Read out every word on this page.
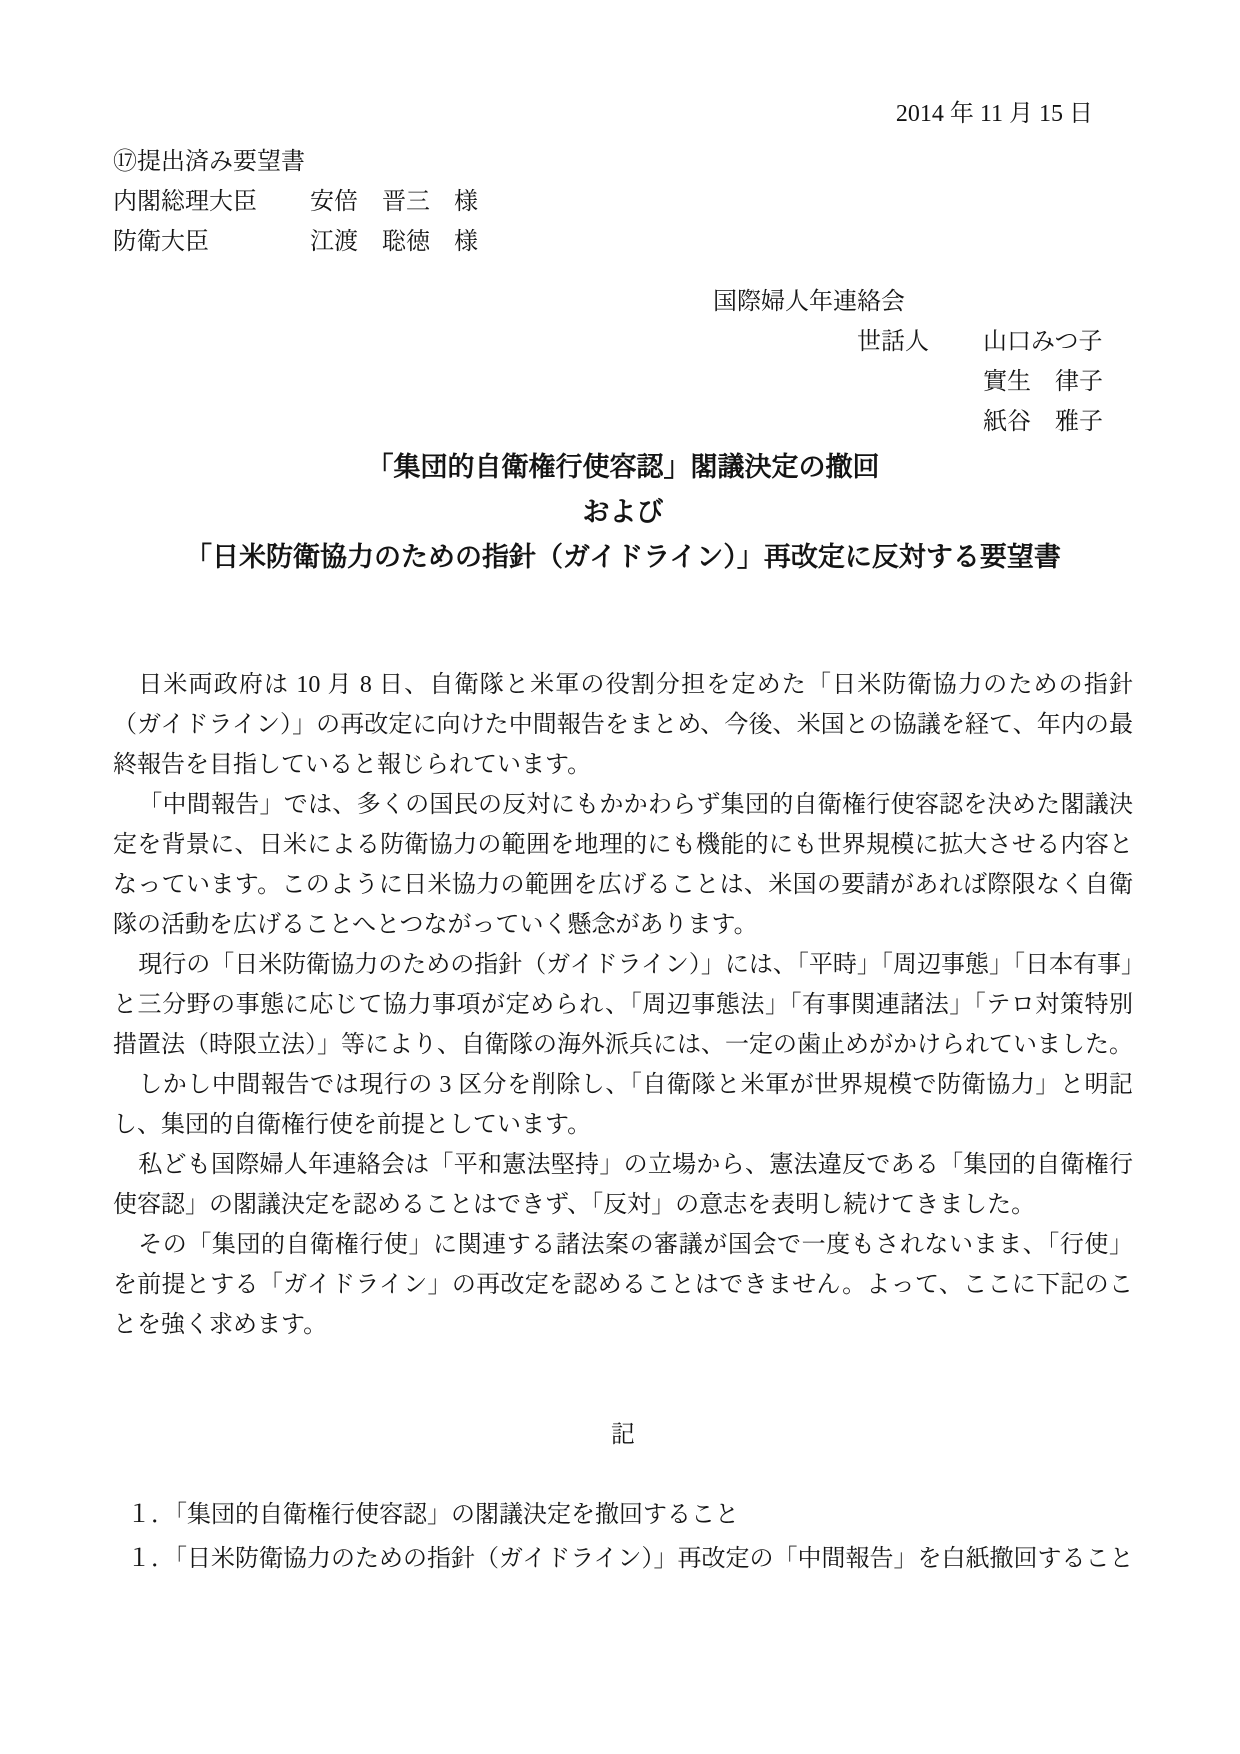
2014 年 11 月 15 日
⑰提出済み要望書
内閣総理大臣	安倍　晋三　様
防衛大臣	江渡　聡徳　様
国際婦人年連絡会
世話人	山口みつ子
實生　律子
紙谷　雅子
「集団的自衛権行使容認」閣議決定の撤回
および
「日米防衛協力のための指針（ガイドライン）」再改定に反対する要望書

日米両政府は 10 月 8 日、自衛隊と米軍の役割分担を定めた「日米防衛協力のための指針（ガイドライン）」の再改定に向けた中間報告をまとめ、今後、米国との協議を経て、年内の最終報告を目指していると報じられています。

「中間報告」では、多くの国民の反対にもかかわらず集団的自衛権行使容認を決めた閣議決定を背景に、日米による防衛協力の範囲を地理的にも機能的にも世界規模に拡大させる内容となっています。このように日米協力の範囲を広げることは、米国の要請があれば際限なく自衛隊の活動を広げることへとつながっていく懸念があります。

現行の「日米防衛協力のための指針（ガイドライン）」には、「平時」「周辺事態」「日本有事」と三分野の事態に応じて協力事項が定められ、「周辺事態法」「有事関連諸法」「テロ対策特別措置法（時限立法）」等により、自衛隊の海外派兵には、一定の歯止めがかけられていました。

しかし中間報告では現行の 3 区分を削除し、「自衛隊と米軍が世界規模で防衛協力」と明記し、集団的自衛権行使を前提としています。

私ども国際婦人年連絡会は「平和憲法堅持」の立場から、憲法違反である「集団的自衛権行使容認」の閣議決定を認めることはできず、「反対」の意志を表明し続けてきました。

その「集団的自衛権行使」に関連する諸法案の審議が国会で一度もされないまま、「行使」を前提とする「ガイドライン」の再改定を認めることはできません。よって、ここに下記のことを強く求めます。

記
１．「集団的自衛権行使容認」の閣議決定を撤回すること
１．「日米防衛協力のための指針（ガイドライン）」再改定の「中間報告」を白紙撤回すること
